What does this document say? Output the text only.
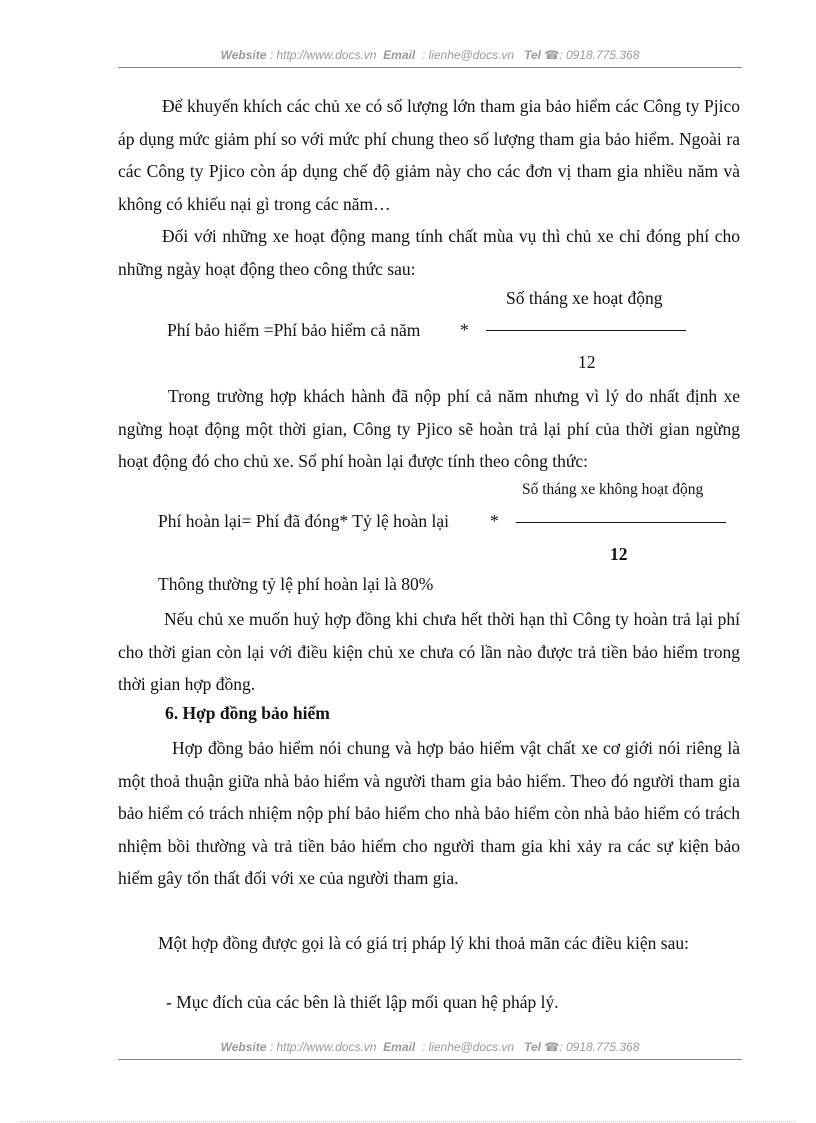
Website : http://www.docs.vn Email : lienhe@docs.vn Tel ☎: 0918.775.368
Để khuyến khích các chủ xe có số lượng lớn tham gia bảo hiểm các Công ty Pjico áp dụng mức giảm phí so với mức phí chung theo số lượng tham gia bảo hiểm. Ngoài ra các Công ty Pjico còn áp dụng chế độ giảm này cho các đơn vị tham gia nhiều năm và không có khiếu nại gì trong các năm…
Đối với những xe hoạt động mang tính chất mùa vụ thì chủ xe chỉ đóng phí cho những ngày hoạt động theo công thức sau:
Số tháng xe hoạt động
Phí bảo hiểm =Phí bảo hiểm cả năm *
12
Trong trường hợp khách hành đã nộp phí cả năm nhưng vì lý do nhất định xe ngừng hoạt động một thời gian, Công ty Pjico sẽ hoàn trả lại phí của thời gian ngừng hoạt động đó cho chủ xe. Số phí hoàn lại được tính theo công thức:
Số tháng xe không hoạt động
Phí hoàn lại= Phí đã đóng* Tỷ lệ hoàn lại *
12
Thông thường tỷ lệ phí hoàn lại là 80%
Nếu chủ xe muốn huỷ hợp đồng khi chưa hết thời hạn thì Công ty hoàn trả lại phí cho thời gian còn lại với điều kiện chủ xe chưa có lần nào được trả tiền bảo hiểm trong thời gian hợp đồng.
6. Hợp đồng bảo hiểm
Hợp đồng bảo hiểm nói chung và hợp bảo hiểm vật chất xe cơ giới nói riêng là một thoả thuận giữa nhà bảo hiểm và người tham gia bảo hiểm. Theo đó người tham gia bảo hiểm có trách nhiệm nộp phí bảo hiểm cho nhà bảo hiểm còn nhà bảo hiểm có trách nhiệm bồi thường và trả tiền bảo hiểm cho người tham gia khi xảy ra các sự kiện bảo hiểm gây tổn thất đối với xe của người tham gia.
Một hợp đồng được gọi là có giá trị pháp lý khi thoả mãn các điều kiện sau:
- Mục đích của các bên là thiết lập mối quan hệ pháp lý.
Website : http://www.docs.vn Email : lienhe@docs.vn Tel ☎: 0918.775.368
